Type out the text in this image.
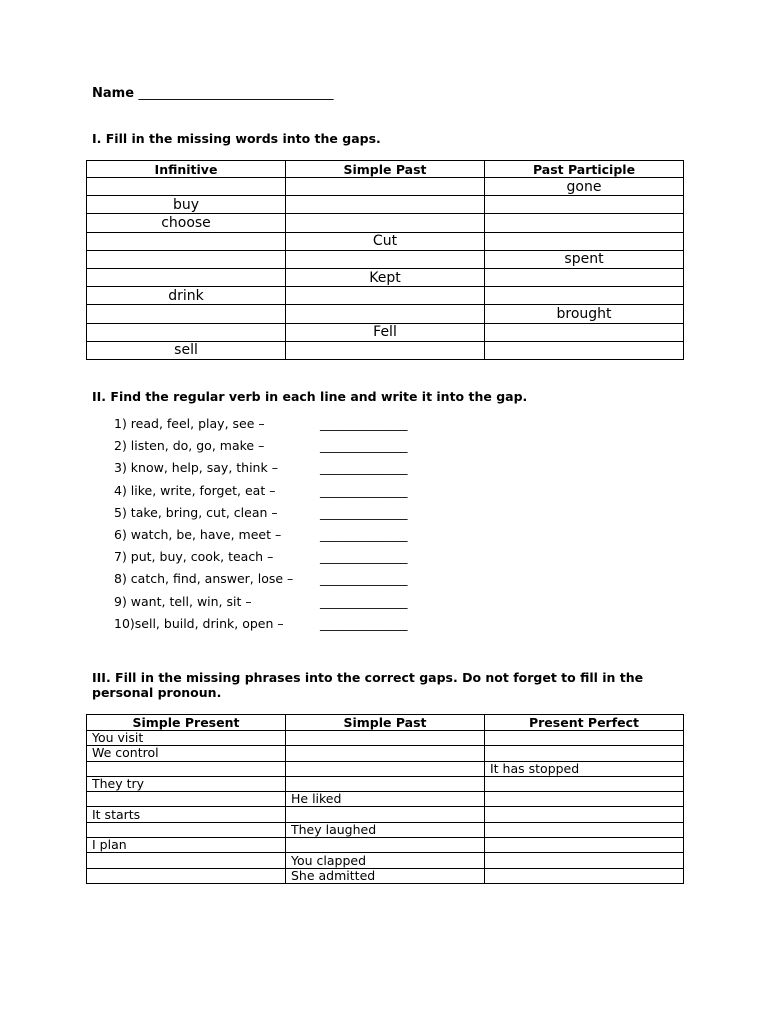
Name ______________________________
I. Fill in the missing words into the gaps.
Infinitive	Simple Past	Past Participle
		gone
buy		
choose		
	Cut	
		spent
	Kept	
drink		
		brought
	Fell	
sell		
II. Find the regular verb in each line and write it into the gap.
1) read, feel, play, see –	______________
2) listen, do, go, make –	______________
3) know, help, say, think –	______________
4) like, write, forget, eat –	______________
5) take, bring, cut, clean –	______________
6) watch, be, have, meet –	______________
7) put, buy, cook, teach –	______________
8) catch, find, answer, lose – ______________
9) want, tell, win, sit –	______________
10)sell, build, drink, open –	______________
III. Fill in the missing phrases into the correct gaps. Do not forget to fill in the personal pronoun.
Simple Present	Simple Past	Present Perfect
You visit		
We control		
		It has stopped
They try		
	He liked	
It starts		
	They laughed	
I plan		
	You clapped	
	She admitted	
